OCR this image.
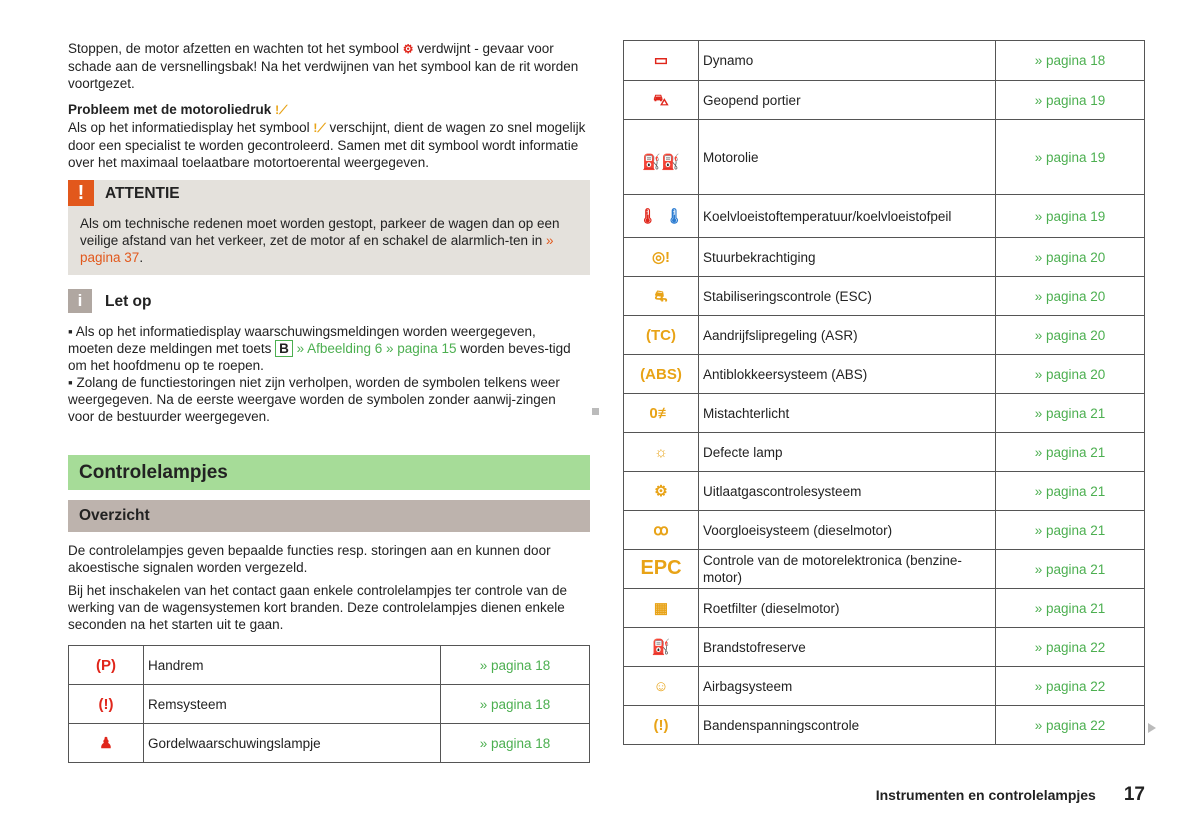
Stoppen, de motor afzetten en wachten tot het symbool ⚙ verdwijnt - gevaar voor schade aan de versnellingsbak! Na het verdwijnen van het symbool kan de rit worden voortgezet.
Probleem met de motoroliedruk !⟋
Als op het informatiedisplay het symbool !⟋ verschijnt, dient de wagen zo snel mogelijk door een specialist te worden gecontroleerd. Samen met dit symbool wordt informatie over het maximaal toelaatbare motortoerental weergegeven.
!	ATTENTIE
Als om technische redenen moet worden gestopt, parkeer de wagen dan op een veilige afstand van het verkeer, zet de motor af en schakel de alarmlich-ten in » pagina 37.
i	Let op
▪ Als op het informatiedisplay waarschuwingsmeldingen worden weergegeven, moeten deze meldingen met toets B » Afbeelding 6 » pagina 15 worden beves-tigd om het hoofdmenu op te roepen.
▪ Zolang de functiestoringen niet zijn verholpen, worden de symbolen telkens weer weergegeven. Na de eerste weergave worden de symbolen zonder aanwij-zingen voor de bestuurder weergegeven.
Controlelampjes
Overzicht

De controlelampjes geven bepaalde functies resp. storingen aan en kunnen door akoestische signalen worden vergezeld.

Bij het inschakelen van het contact gaan enkele controlelampjes ter controle van de werking van de wagensystemen kort branden. Deze controlelampjes dienen enkele seconden na het starten uit te gaan.

(P)	Handrem	» pagina 18
(!)	Remsysteem	» pagina 18
♟	Gordelwaarschuwingslampje	» pagina 18
▭	Dynamo	» pagina 18
⛍	Geopend portier	» pagina 19
⛽⛽	Motorolie	» pagina 19
🌡 🌡	Koelvloeistoftemperatuur/koelvloeistofpeil	» pagina 19
◎!	Stuurbekrachtiging	» pagina 20
⛐	Stabiliseringscontrole (ESC)	» pagina 20
(TC)	Aandrijfslipregeling (ASR)	» pagina 20
(ABS)	Antiblokkeersysteem (ABS)	» pagina 20
0≢	Mistachterlicht	» pagina 21
☼	Defecte lamp	» pagina 21
⚙	Uitlaatgascontrolesysteem	» pagina 21
ꝏ	Voorgloeisysteem (dieselmotor)	» pagina 21
EPC	Controle van de motorelektronica (benzine-motor)	» pagina 21
▦	Roetfilter (dieselmotor)	» pagina 21
⛽	Brandstofreserve	» pagina 22
☺	Airbagsysteem	» pagina 22
(!)	Bandenspanningscontrole	» pagina 22
Instrumenten en controlelampjes 17
